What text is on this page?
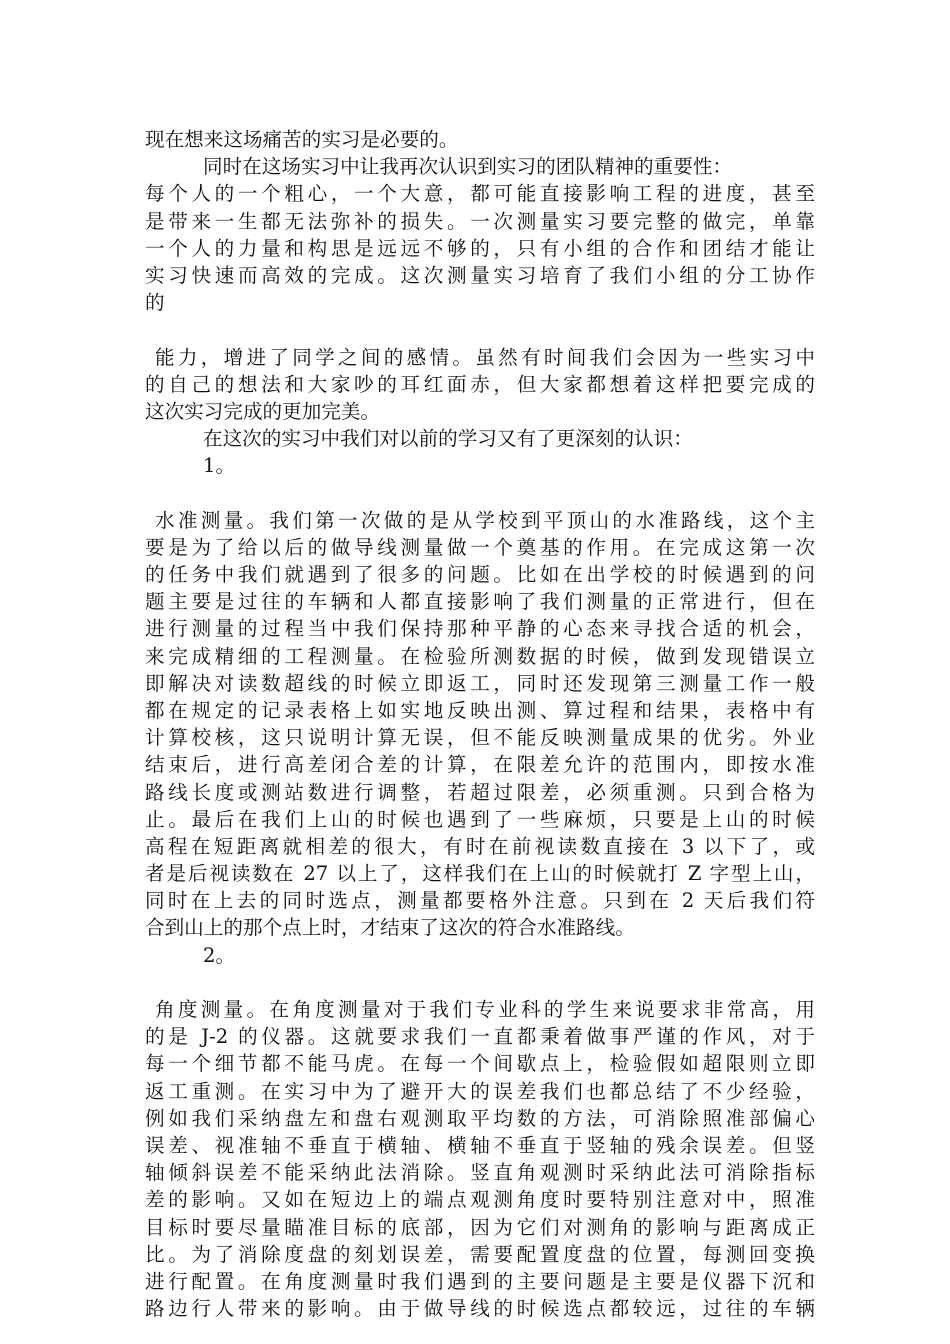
现在想来这场痛苦的实习是必要的。
同时在这场实习中让我再次认识到实习的团队精神的重要性：
每个人的一个粗心，一个大意，都可能直接影响工程的进度，甚至
是带来一生都无法弥补的损失。一次测量实习要完整的做完，单靠
一个人的力量和构思是远远不够的，只有小组的合作和团结才能让
实习快速而高效的完成。这次测量实习培育了我们小组的分工协作
的
能力，增进了同学之间的感情。虽然有时间我们会因为一些实习中
的自己的想法和大家吵的耳红面赤，但大家都想着这样把要完成的
这次实习完成的更加完美。
在这次的实习中我们对以前的学习又有了更深刻的认识：
1。
水准测量。我们第一次做的是从学校到平顶山的水准路线，这个主
要是为了给以后的做导线测量做一个奠基的作用。在完成这第一次
的任务中我们就遇到了很多的问题。比如在出学校的时候遇到的问
题主要是过往的车辆和人都直接影响了我们测量的正常进行，但在
进行测量的过程当中我们保持那种平静的心态来寻找合适的机会，
来完成精细的工程测量。在检验所测数据的时候，做到发现错误立
即解决对读数超线的时候立即返工，同时还发现第三测量工作一般
都在规定的记录表格上如实地反映出测、算过程和结果，表格中有
计算校核，这只说明计算无误，但不能反映测量成果的优劣。外业
结束后，进行高差闭合差的计算，在限差允许的范围内，即按水准
路线长度或测站数进行调整，若超过限差，必须重测。只到合格为
止。最后在我们上山的时候也遇到了一些麻烦，只要是上山的时候
高程在短距离就相差的很大，有时在前视读数直接在 3 以下了，或
者是后视读数在 27 以上了，这样我们在上山的时候就打 Z 字型上山，
同时在上去的同时选点，测量都要格外注意。只到在 2 天后我们符
合到山上的那个点上时，才结束了这次的符合水准路线。
2。
角度测量。在角度测量对于我们专业科的学生来说要求非常高，用
的是 J-2 的仪器。这就要求我们一直都秉着做事严谨的作风，对于
每一个细节都不能马虎。在每一个间歇点上，检验假如超限则立即
返工重测。在实习中为了避开大的误差我们也都总结了不少经验，
例如我们采纳盘左和盘右观测取平均数的方法，可消除照准部偏心
误差、视准轴不垂直于横轴、横轴不垂直于竖轴的残余误差。但竖
轴倾斜误差不能采纳此法消除。竖直角观测时采纳此法可消除指标
差的影响。又如在短边上的端点观测角度时要特别注意对中，照准
目标时要尽量瞄准目标的底部，因为它们对测角的影响与距离成正
比。为了消除度盘的刻划误差，需要配置度盘的位置，每测回变换
进行配置。在角度测量时我们遇到的主要问题是主要是仪器下沉和
路边行人带来的影响。由于做导线的时候选点都较远，过往的车辆
